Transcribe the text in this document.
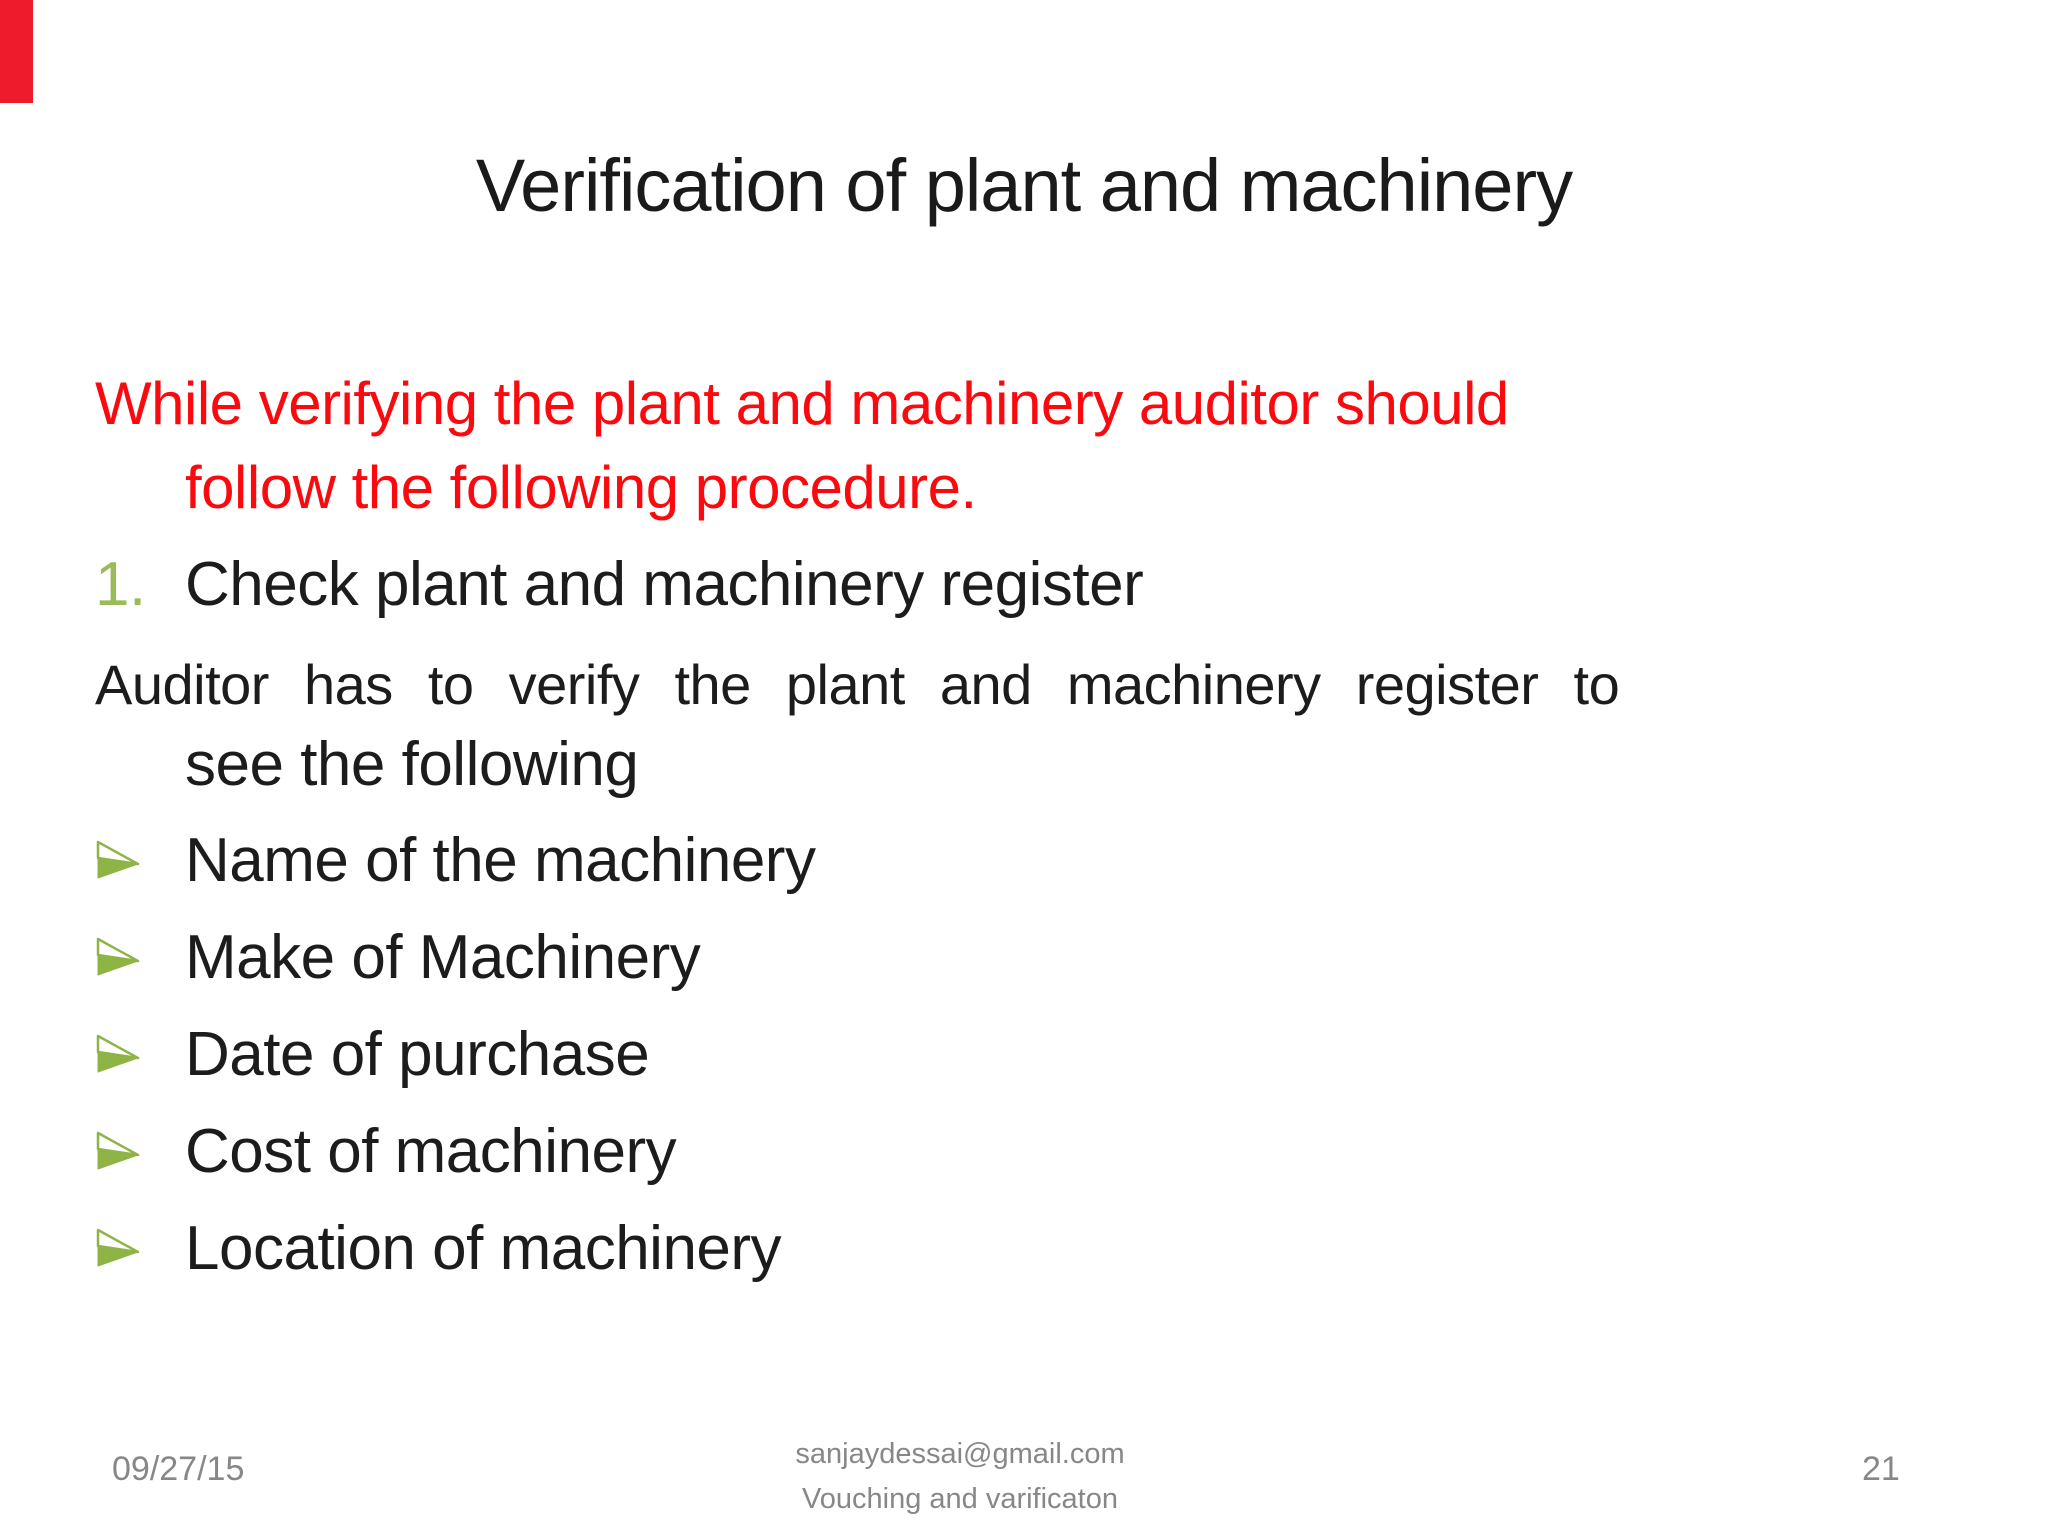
Verification of plant and machinery
While verifying the plant and machinery auditor should
follow the following procedure.
1. Check plant and machinery register
Auditor has to verify the plant and machinery register to
see the following
Name of the machinery
Make of Machinery
Date of purchase
Cost of machinery
Location of machinery
09/27/15	sanjaydessai@gmail.com
Vouching and varificaton
21
